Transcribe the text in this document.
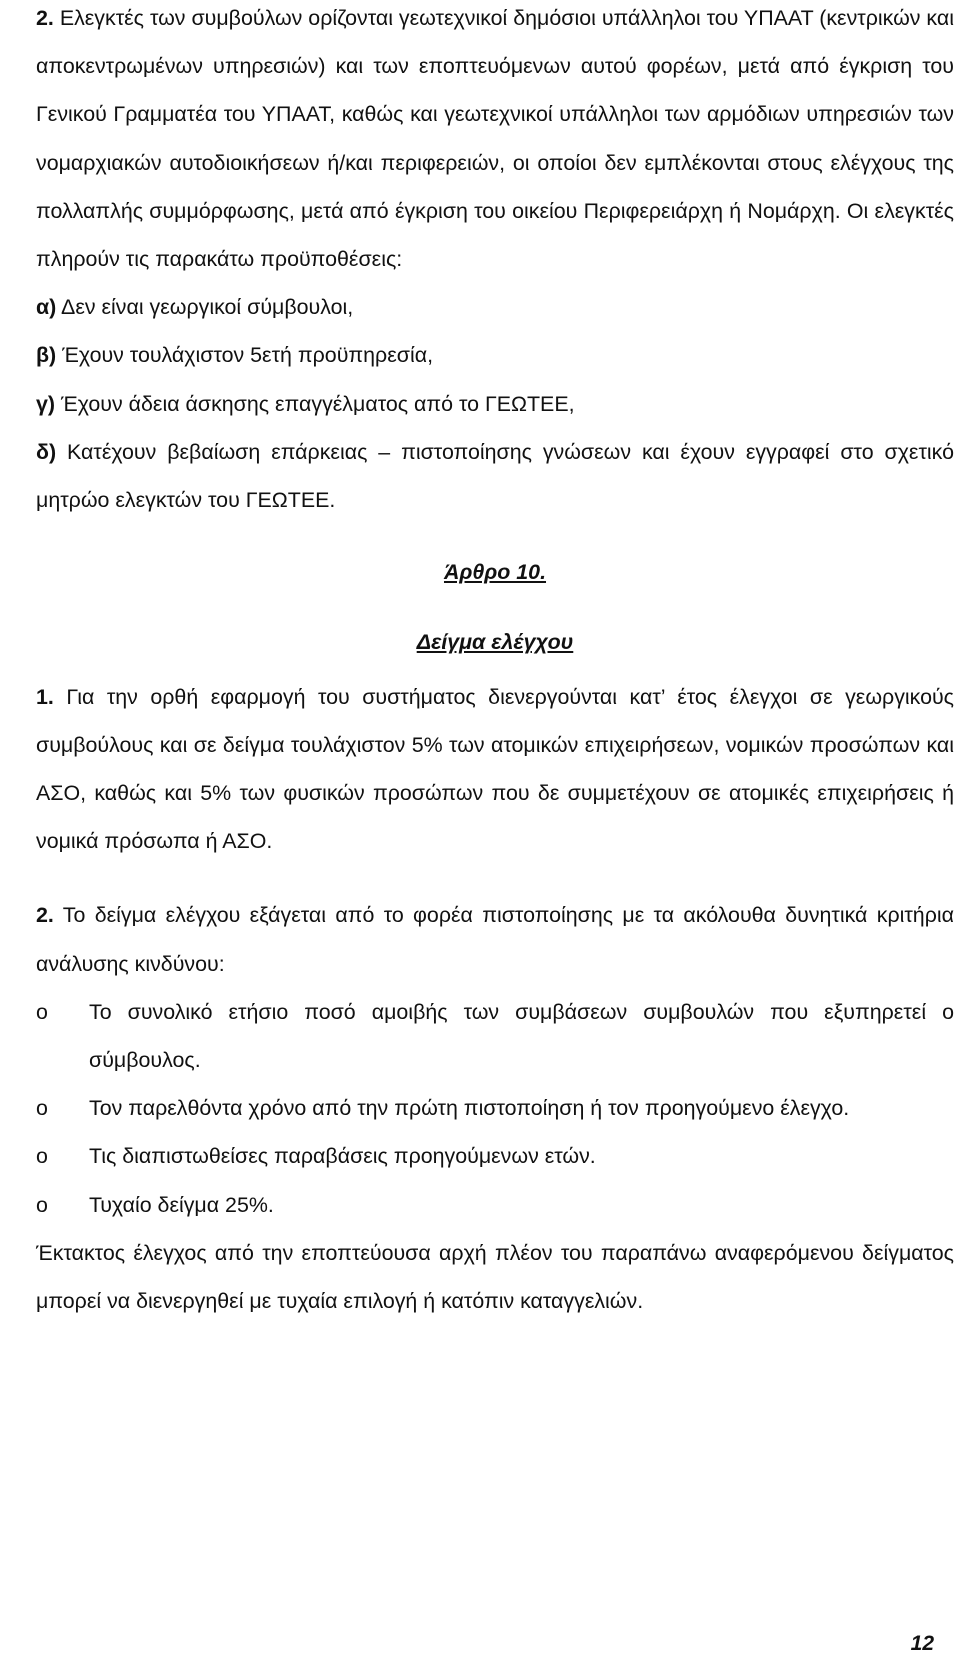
2. Ελεγκτές των συμβούλων ορίζονται γεωτεχνικοί δημόσιοι υπάλληλοι του ΥΠΑΑΤ (κεντρικών και αποκεντρωμένων υπηρεσιών) και των εποπτευόμενων αυτού φορέων, μετά από έγκριση του Γενικού Γραμματέα του ΥΠΑΑΤ, καθώς και γεωτεχνικοί υπάλληλοι των αρμόδιων υπηρεσιών των νομαρχιακών αυτοδιοικήσεων ή/και περιφερειών, οι οποίοι δεν εμπλέκονται στους ελέγχους της πολλαπλής συμμόρφωσης, μετά από έγκριση του οικείου Περιφερειάρχη ή Νομάρχη. Οι ελεγκτές πληρούν τις παρακάτω προϋποθέσεις:

α) Δεν είναι γεωργικοί σύμβουλοι,

β) Έχουν τουλάχιστον 5ετή προϋπηρεσία,

γ) Έχουν άδεια άσκησης επαγγέλματος από το ΓΕΩΤΕΕ,

δ) Κατέχουν βεβαίωση επάρκειας – πιστοποίησης γνώσεων και έχουν εγγραφεί στο σχετικό μητρώο ελεγκτών του ΓΕΩΤΕΕ.

Άρθρο 10.

Δείγμα ελέγχου

1. Για την ορθή εφαρμογή του συστήματος διενεργούνται κατ’ έτος έλεγχοι σε γεωργικούς συμβούλους και σε δείγμα τουλάχιστον 5% των ατομικών επιχειρήσεων, νομικών προσώπων και ΑΣΟ, καθώς και 5% των φυσικών προσώπων που δε συμμετέχουν σε ατομικές επιχειρήσεις ή νομικά πρόσωπα ή ΑΣΟ.

2. Το δείγμα ελέγχου εξάγεται από το φορέα πιστοποίησης με τα ακόλουθα δυνητικά κριτήρια ανάλυσης κινδύνου:

o	Το συνολικό ετήσιο ποσό αμοιβής των συμβάσεων συμβουλών που εξυπηρετεί ο σύμβουλος.
o	Τον παρελθόντα χρόνο από την πρώτη πιστοποίηση ή τον προηγούμενο έλεγχο.
o	Τις διαπιστωθείσες παραβάσεις προηγούμενων ετών.
o	Τυχαίο δείγμα 25%.

Έκτακτος έλεγχος από την εποπτεύουσα αρχή πλέον του παραπάνω αναφερόμενου δείγματος μπορεί να διενεργηθεί με τυχαία επιλογή ή κατόπιν καταγγελιών.

12
